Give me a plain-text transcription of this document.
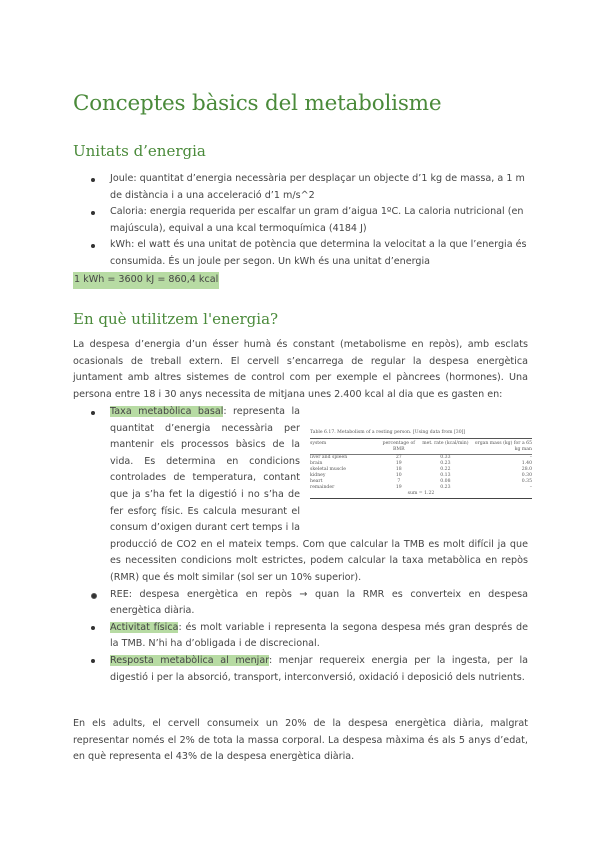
Conceptes bàsics del metabolisme
Unitats d’energia
Joule: quantitat d’energia necessària per desplaçar un objecte d’1 kg de massa, a 1 m de distància i a una acceleració d’1 m/s^2
Caloria: energia requerida per escalfar un gram d’aigua 1ºC. La caloria nutricional (en majúscula), equival a una kcal termoquímica (4184 J)
kWh: el watt és una unitat de potència que determina la velocitat a la que l’energia és consumida. És un joule per segon. Un kWh és una unitat d’energia
1 kWh = 3600 kJ = 860,4 kcal
En què utilitzem l'energia?
La despesa d’energia d’un ésser humà és constant (metabolisme en repòs), amb esclats ocasionals de treball extern. El cervell s’encarrega de regular la despesa energètica juntament amb altres sistemes de control com per exemple el pàncrees (hormones). Una persona entre 18 i 30 anys necessita de mitjana unes 2.400 kcal al dia que es gasten en:
Table 6.17. Metabolism of a resting person. [Using data from [30]]
system	percentage of BMR	met. rate (kcal/min)	organ mass (kg) for a 65 kg man
liver and spleen	27	0.33	–
brain	19	0.23	1.40
skeletal muscle	18	0.22	28.0
kidney	10	0.13	0.30
heart	7	0.08	0.35
remainder	19	0.23	–
sum = 1.22			
Taxa metabòlica basal: representa la quantitat d’energia necessària per mantenir els processos bàsics de la vida. Es determina en condicions controlades de temperatura, contant que ja s’ha fet la digestió i no s’ha de fer esforç físic. Es calcula mesurant el consum d’oxigen durant cert temps i la producció de CO2 en el mateix temps. Com que calcular la TMB es molt difícil ja que es necessiten condicions molt estrictes, podem calcular la taxa metabòlica en repòs (RMR) que és molt similar (sol ser un 10% superior).
REE: despesa energètica en repòs → quan la RMR es converteix en despesa energètica diària.
Activitat física: és molt variable i representa la segona despesa més gran després de la TMB. N’hi ha d’obligada i de discrecional.
Resposta metabòlica al menjar: menjar requereix energia per la ingesta, per la digestió i per la absorció, transport, interconversió, oxidació i deposició dels nutrients.
En els adults, el cervell consumeix un 20% de la despesa energètica diària, malgrat representar només el 2% de tota la massa corporal. La despesa màxima és als 5 anys d’edat, en què representa el 43% de la despesa energètica diària.
